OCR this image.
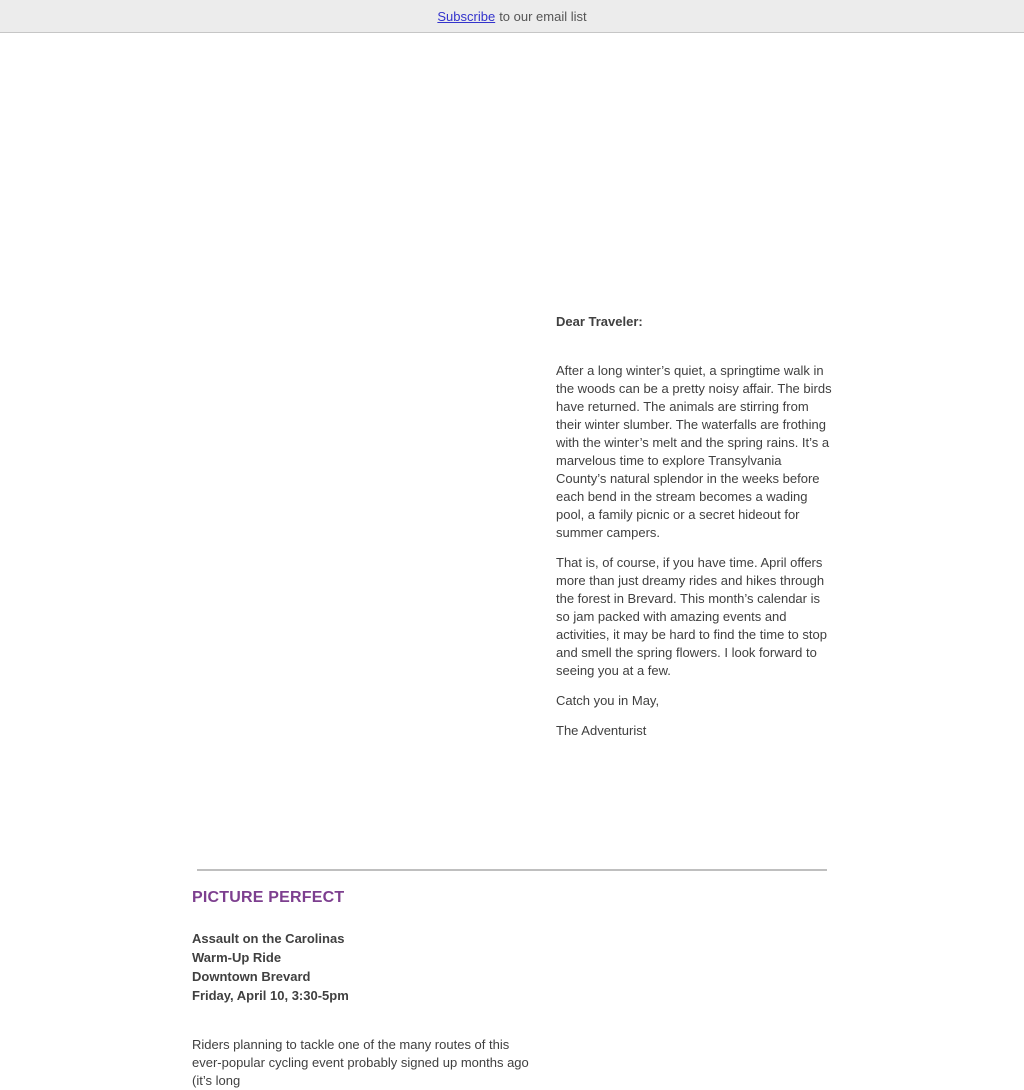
Subscribe to our email list
Dear Traveler:

After a long winter’s quiet, a springtime walk in the woods can be a pretty noisy affair. The birds have returned. The animals are stirring from their winter slumber. The waterfalls are frothing with the winter’s melt and the spring rains. It’s a marvelous time to explore Transylvania County’s natural splendor in the weeks before each bend in the stream becomes a wading pool, a family picnic or a secret hideout for summer campers.

That is, of course, if you have time. April offers more than just dreamy rides and hikes through the forest in Brevard. This month’s calendar is so jam packed with amazing events and activities, it may be hard to find the time to stop and smell the spring flowers. I look forward to seeing you at a few.

Catch you in May,

The Adventurist

PICTURE PERFECT
Assault on the Carolinas
Warm-Up Ride
Downtown Brevard
Friday, April 10, 3:30-5pm

Riders planning to tackle one of the many routes of this ever-popular cycling event probably signed up months ago (it’s long
